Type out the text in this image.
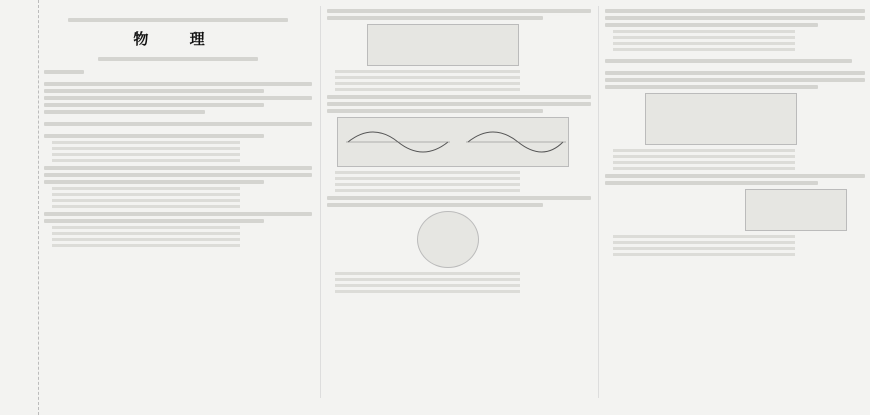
物 理
